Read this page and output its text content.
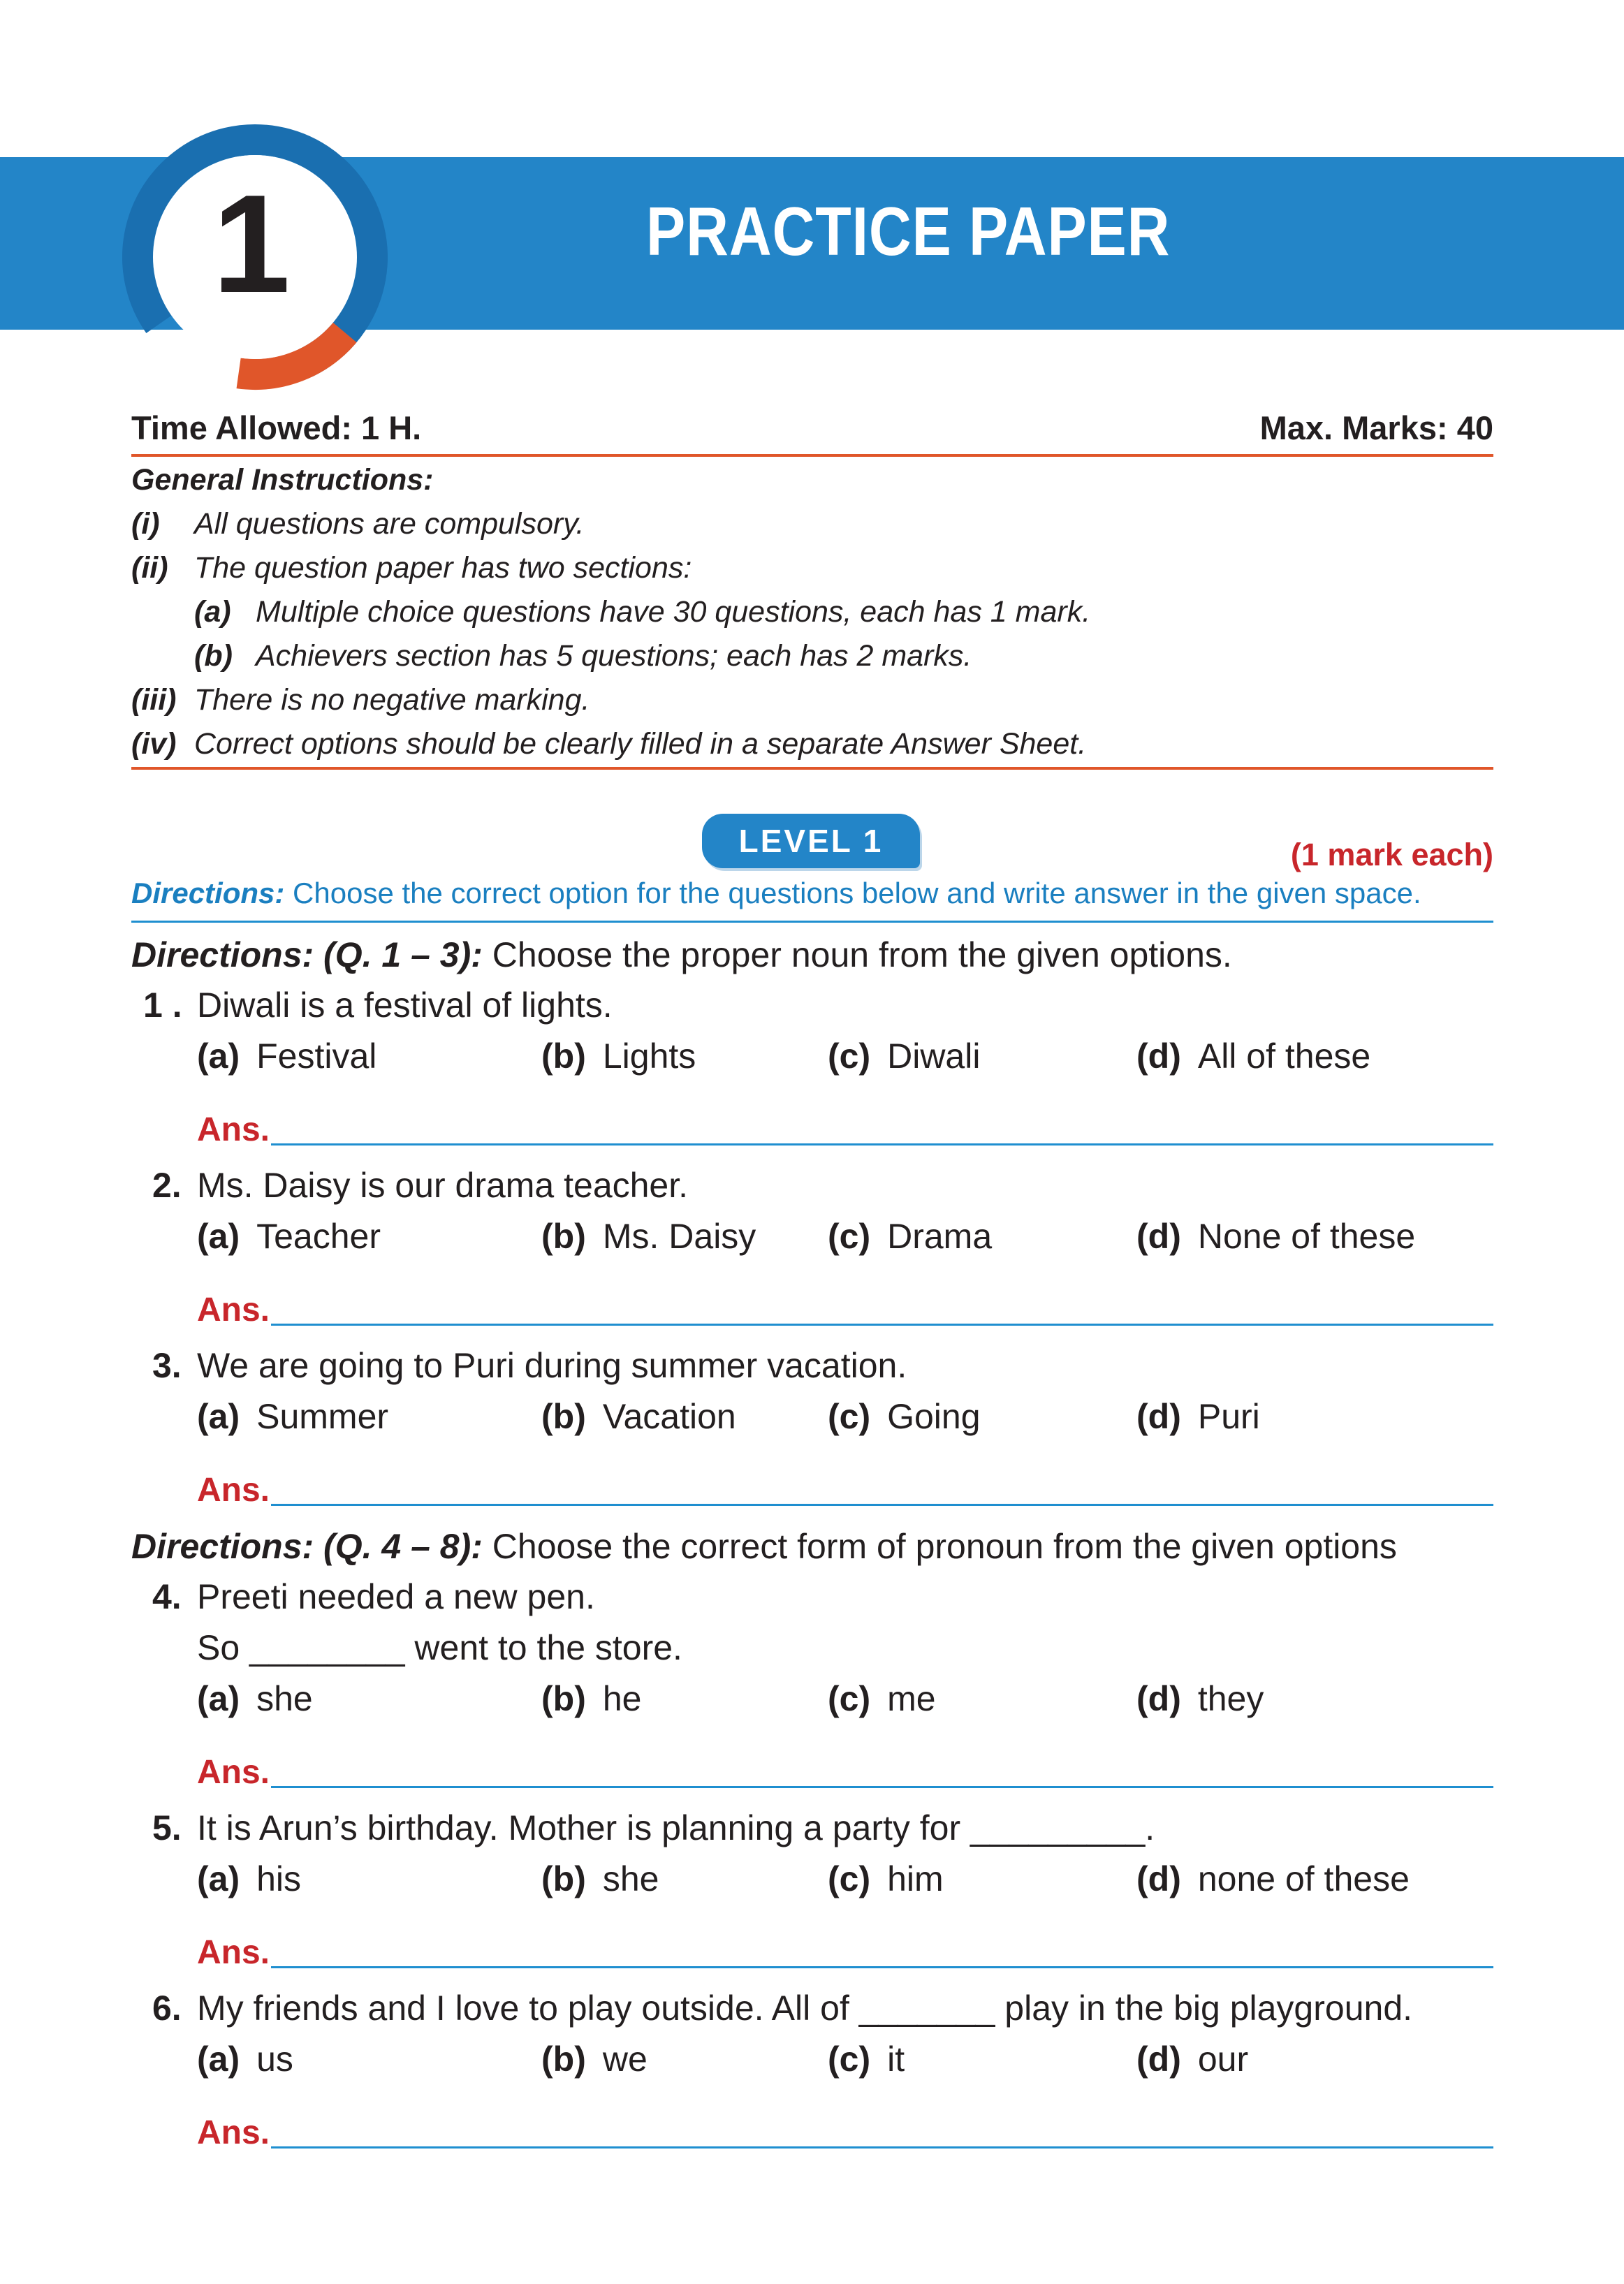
1	PRACTICE PAPER
Time Allowed: 1 H.	Max. Marks: 40
General Instructions:
(i) All questions are compulsory.
(ii) The question paper has two sections:
(a) Multiple choice questions have 30 questions, each has 1 mark.
(b) Achievers section has 5 questions; each has 2 marks.
(iii) There is no negative marking.
(iv) Correct options should be clearly filled in a separate Answer Sheet.
LEVEL 1	(1 mark each)
Directions: Choose the correct option for the questions below and write answer in the given space.
Directions: (Q. 1 – 3): Choose the proper noun from the given options.
1 . Diwali is a festival of lights.
(a) Festival	(b) Lights	(c) Diwali	(d) All of these
Ans.
2. Ms. Daisy is our drama teacher.
(a) Teacher	(b) Ms. Daisy (c) Drama	(d) None of these
Ans.
3. We are going to Puri during summer vacation.
(a) Summer	(b) Vacation	(c) Going	(d) Puri
Ans.
Directions: (Q. 4 – 8): Choose the correct form of pronoun from the given options
4. Preeti needed a new pen.
So ________ went to the store.
(a) she	(b) he	(c) me	(d) they
Ans.
5. It is Arun’s birthday. Mother is planning a party for _________.
(a) his	(b) she	(c) him	(d) none of these
Ans.
6. My friends and I love to play outside. All of _______ play in the big playground.
(a) us	(b) we	(c) it	(d) our
Ans.
